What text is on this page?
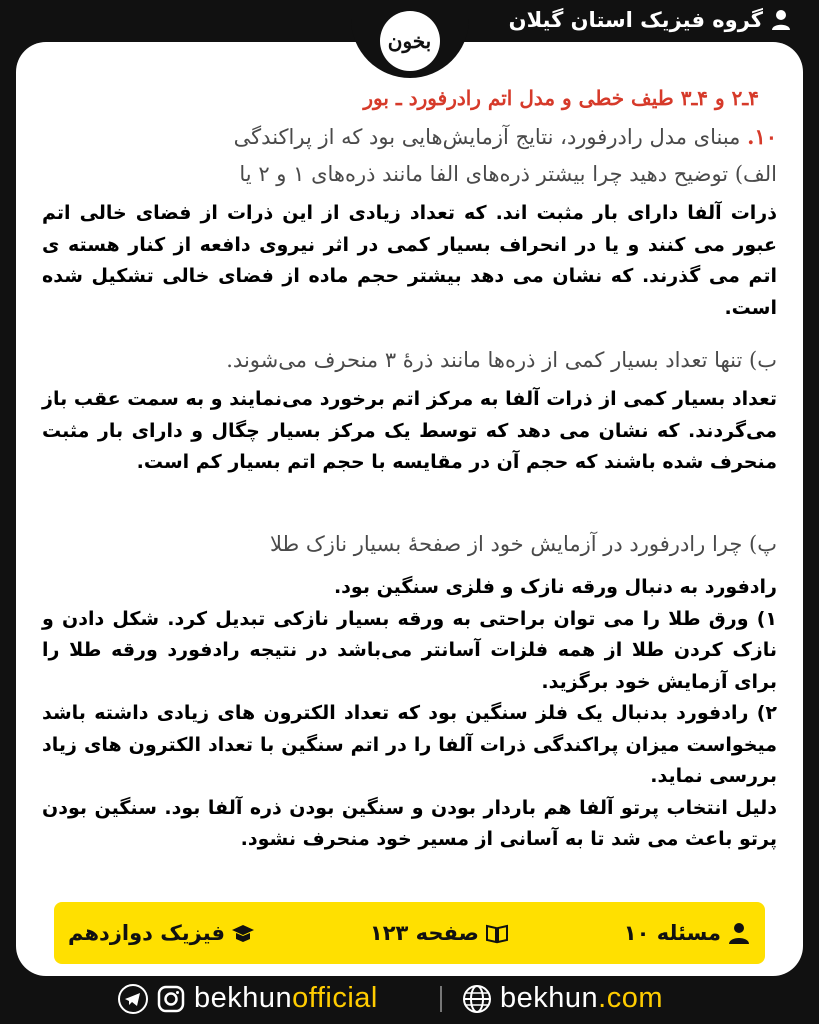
گروه فیزیک استان گیلان
بخون
۴ـ۲ و ۴ـ۳ طیف خطی و مدل اتم رادرفورد ـ بور
۱۰. مبنای مدل رادرفورد، نتایج آزمایش‌هایی بود که از پراکندگی
الف) توضیح دهید چرا بیشتر ذره‌های الفا مانند ذره‌های ۱ و ۲ یا

ذرات آلفا دارای بار مثبت اند. که تعداد زیادی از این ذرات از فضای خالی اتم عبور می کنند و یا در انحراف بسیار کمی در اثر نیروی دافعه از کنار هسته ی اتم می گذرند. که نشان می دهد بیشتر حجم ماده از فضای خالی تشکیل شده است.

ب) تنها تعداد بسیار کمی از ذره‌ها مانند ذرهٔ ۳ منحرف می‌شوند.

تعداد بسیار کمی از ذرات آلفا به مرکز اتم برخورد می‌نمایند و به سمت عقب باز می‌گردند. که نشان می دهد که توسط یک مرکز بسیار چگال و دارای بار مثبت منحرف شده باشند که حجم آن در مقایسه با حجم اتم بسیار کم است.

پ) چرا رادرفورد در آزمایش خود از صفحهٔ بسیار نازک طلا

رادفورد به دنبال ورقه نازک و فلزی سنگین بود.

۱) ورق طلا را می توان براحتی به ورقه بسیار نازکی تبدیل کرد. شکل دادن و نازک کردن طلا از همه فلزات آسانتر می‌باشد در نتیجه رادفورد ورقه طلا را برای آزمایش خود برگزید.

۲) رادفورد بدنبال یک فلز سنگین بود که تعداد الکترون های زیادی داشته باشد میخواست میزان پراکندگی ذرات آلفا را در اتم سنگین با تعداد الکترون های زیاد بررسی نماید.

دلیل انتخاب پرتو آلفا هم باردار بودن و سنگین بودن ذره آلفا بود. سنگین بودن پرتو باعث می شد تا به آسانی از مسیر خود منحرف نشود.

مسئله ۱۰
صفحه ۱۲۳
فیزیک دوازدهم
bekhunofficial	bekhun.com
